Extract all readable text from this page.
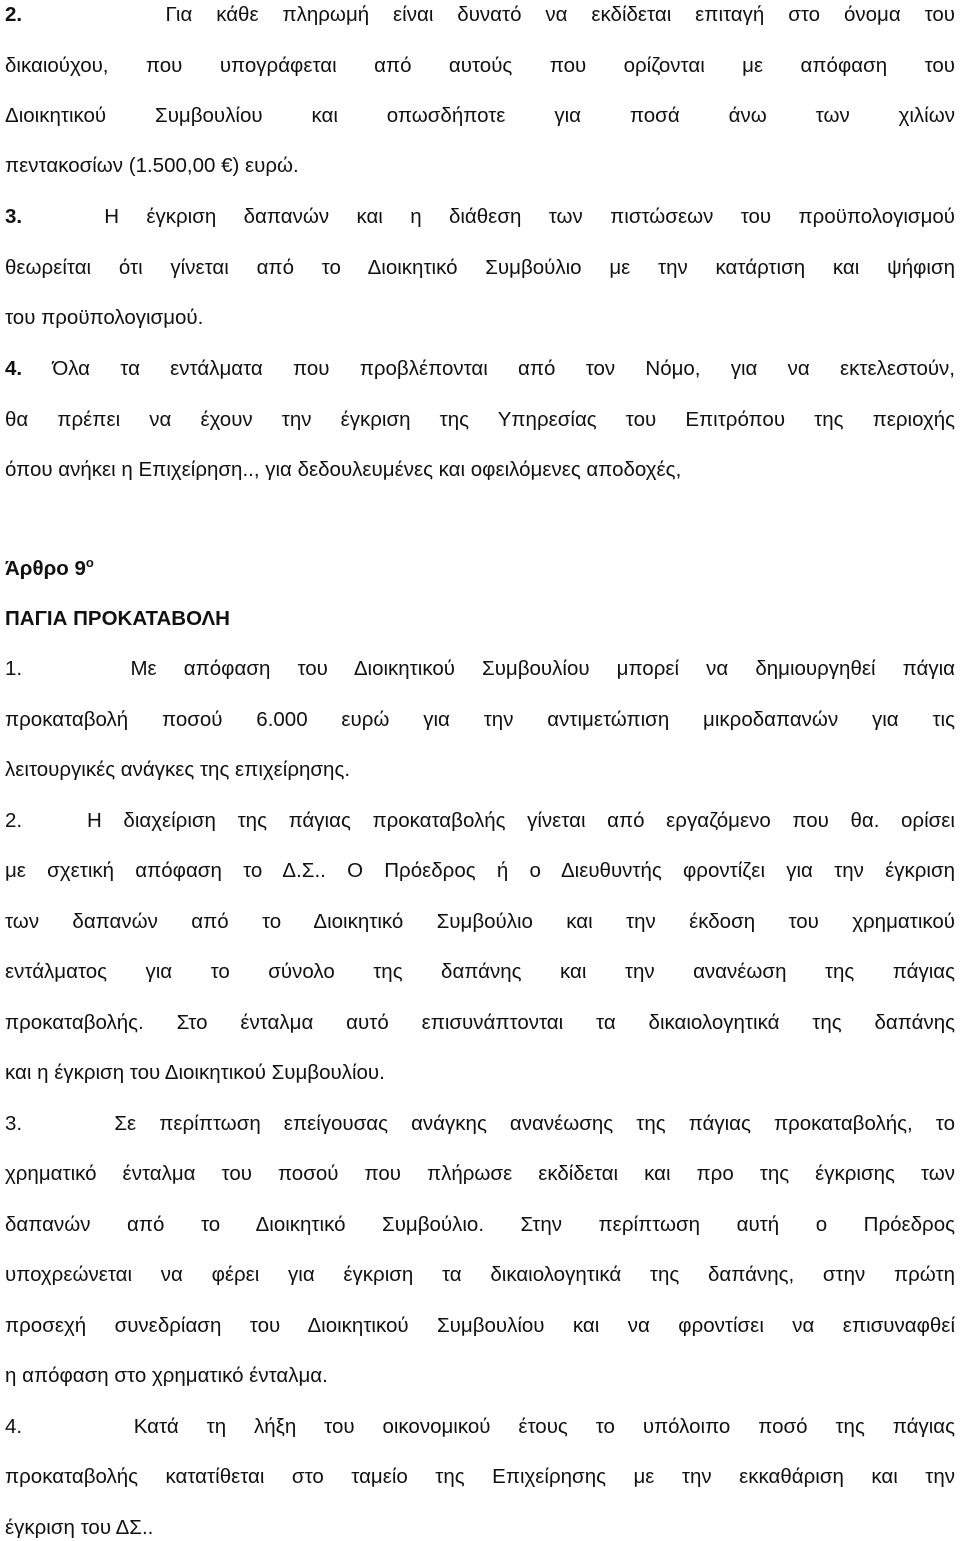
2.	Για κάθε πληρωμή είναι δυνατό να εκδίδεται επιταγή στο όνομα του
δικαιούχου, που υπογράφεται από αυτούς που ορίζονται με απόφαση του
Διοικητικού Συμβουλίου και οπωσδήποτε για ποσά άνω των χιλίων
πεντακοσίων (1.500,00 €) ευρώ.
3.	Η έγκριση δαπανών και η διάθεση των πιστώσεων του προϋπολογισμού
θεωρείται ότι γίνεται από το Διοικητικό Συμβούλιο με την κατάρτιση και ψήφιση
του προϋπολογισμού.
4. Όλα τα εντάλματα που προβλέπονται από τον Νόμο, για να εκτελεστούν,
θα πρέπει να έχουν την έγκριση της Υπηρεσίας του Επιτρόπου της περιοχής
όπου ανήκει η Επιχείρηση.., για δεδουλευμένες και οφειλόμενες αποδοχές,
Άρθρο $9^o$
ΠΑΓΙΑ ΠΡΟΚΑΤΑΒΟΛΗ
1.	Με απόφαση του Διοικητικού Συμβουλίου μπορεί να δημιουργηθεί πάγια
προκαταβολή ποσού 6.000 ευρώ για την αντιμετώπιση μικροδαπανών για τις
λειτουργικές ανάγκες της επιχείρησης.
2.	Η διαχείριση της πάγιας προκαταβολής γίνεται από εργαζόμενο που θα. ορίσει
με σχετική απόφαση το Δ.Σ.. Ο Πρόεδρος ή ο Διευθυντής φροντίζει για την έγκριση
των δαπανών από το Διοικητικό Συμβούλιο και την έκδοση του χρηματικού
εντάλματος για το σύνολο της δαπάνης και την ανανέωση της πάγιας
προκαταβολής. Στο ένταλμα αυτό επισυνάπτονται τα δικαιολογητικά της δαπάνης
και η έγκριση του Διοικητικού Συμβουλίου.
3.	Σε περίπτωση επείγουσας ανάγκης ανανέωσης της πάγιας προκαταβολής, το
χρηματικό ένταλμα του ποσού που πλήρωσε εκδίδεται και προ της έγκρισης των
δαπανών από το Διοικητικό Συμβούλιο. Στην περίπτωση αυτή ο Πρόεδρος
υποχρεώνεται να φέρει για έγκριση τα δικαιολογητικά της δαπάνης, στην πρώτη
προσεχή συνεδρίαση του Διοικητικού Συμβουλίου και να φροντίσει να επισυναφθεί
η απόφαση στο χρηματικό ένταλμα.
4.	Κατά τη λήξη του οικονομικού έτους το υπόλοιπο ποσό της πάγιας
προκαταβολής κατατίθεται στο ταμείο της Επιχείρησης με την εκκαθάριση και την
έγκριση του ΔΣ..
